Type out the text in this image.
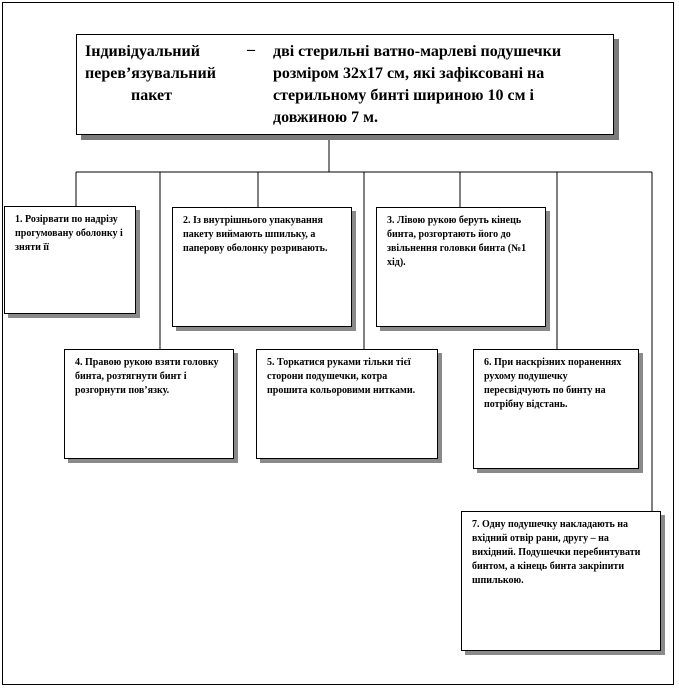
Індивідуальний
перев’язувальний
пакет
– дві стерильні ватно-марлеві подушечки розміром 32х17 см, які зафіксовані на стерильному бинті шириною 10 см і довжиною 7 м.
1. Розірвати по надрізу прогумовану оболонку і зняти її
2. Із внутрішнього упакування пакету виймають шпильку, а паперову оболонку розривають.
3. Лівою рукою беруть кінець бинта, розгортають його до звільнення головки бинта (№1 хід).
4. Правою рукою взяти головку бинта, розтягнути бинт і розгорнути пов’язку.
5. Торкатися руками тільки тієї сторони подушечки, котра прошита кольоровими нитками.
6. При наскрізних пораненнях рухому подушечку пересвідчують по бинту на потрібну відстань.
7. Одну подушечку накладають на вхідний отвір рани, другу – на вихідний. Подушечки перебинтувати бинтом, а кінець бинта закріпити шпилькою.
